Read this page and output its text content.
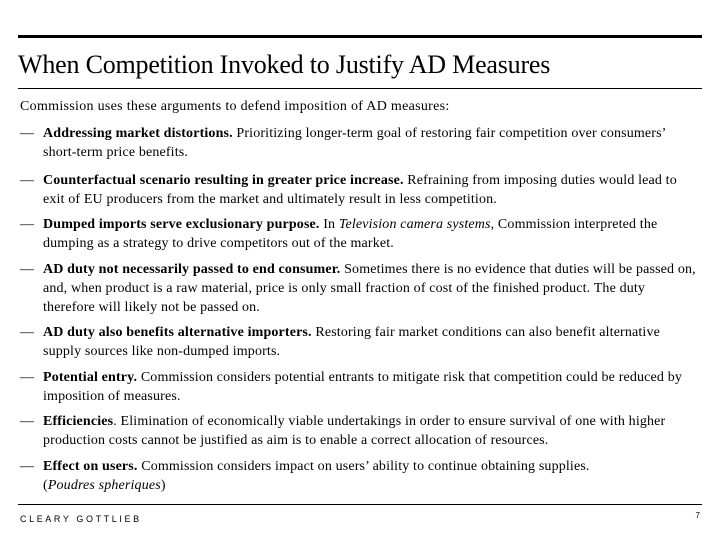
When Competition Invoked to Justify AD Measures
Commission uses these arguments to defend imposition of AD measures:
— Addressing market distortions. Prioritizing longer-term goal of restoring fair competition over consumers’ short-term price benefits.
— Counterfactual scenario resulting in greater price increase. Refraining from imposing duties would lead to exit of EU producers from the market and ultimately result in less competition.
— Dumped imports serve exclusionary purpose. In Television camera systems, Commission interpreted the dumping as a strategy to drive competitors out of the market.
— AD duty not necessarily passed to end consumer. Sometimes there is no evidence that duties will be passed on, and, when product is a raw material, price is only small fraction of cost of the finished product. The duty therefore will likely not be passed on.
— AD duty also benefits alternative importers. Restoring fair market conditions can also benefit alternative supply sources like non-dumped imports.
— Potential entry. Commission considers potential entrants to mitigate risk that competition could be reduced by imposition of measures.
— Efficiencies. Elimination of economically viable undertakings in order to ensure survival of one with higher production costs cannot be justified as aim is to enable a correct allocation of resources.
— Effect on users. Commission considers impact on users’ ability to continue obtaining supplies.
(Poudres spheriques)
CLEARY GOTTLIEB	7
